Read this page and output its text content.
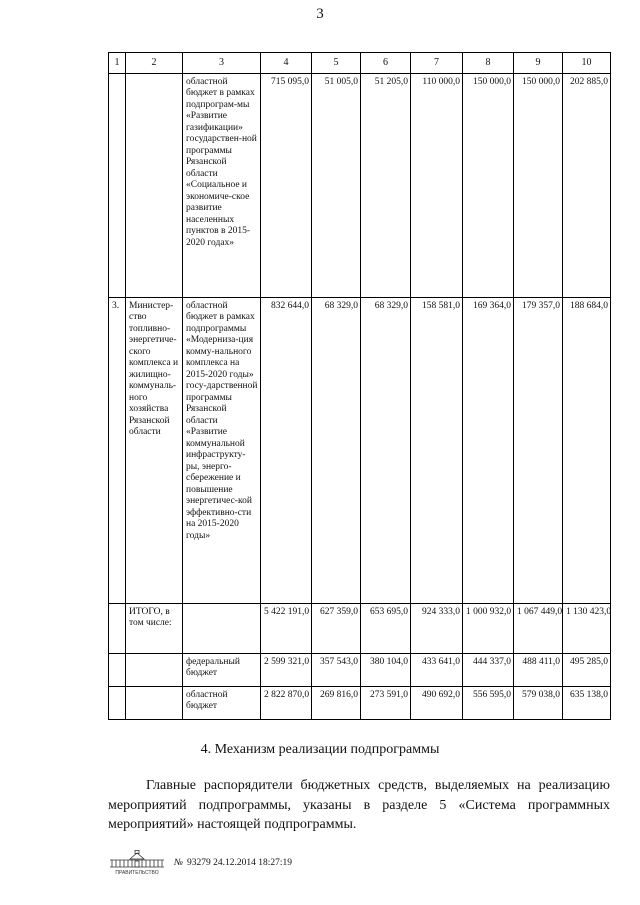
3
1	2	3	4	5	6	7	8	9	10
		областной бюджет в рамках подпрограм-мы «Развитие газификации» государствен-ной программы Рязанской области «Социальное и экономиче-ское развитие населенных пунктов в 2015-2020 годах»	715 095,0	51 005,0	51 205,0	110 000,0	150 000,0	150 000,0	202 885,0
3.	Министер-ство топливно-энергетиче-ского комплекса и жилищно-коммуналь-ного хозяйства Рязанской области	областной бюджет в рамках подпрограммы «Модерниза-ция комму-нального комплекса на 2015-2020 годы» госу-дарственной программы Рязанской области «Развитие коммунальной инфраструкту-ры, энерго-сбережение и повышение энергетичес-кой эффективно-сти на 2015-2020 годы»	832 644,0	68 329,0	68 329,0	158 581,0	169 364,0	179 357,0	188 684,0
	ИТОГО, в том числе:		5 422 191,0	627 359,0	653 695,0	924 333,0	1 000 932,0	1 067 449,0	1 130 423,0
		федеральный бюджет	2 599 321,0	357 543,0	380 104,0	433 641,0	444 337,0	488 411,0	495 285,0
		областной бюджет	2 822 870,0	269 816,0	273 591,0	490 692,0	556 595,0	579 038,0	635 138,0
4. Механизм реализации подпрограммы

Главные распорядители бюджетных средств, выделяемых на реализацию мероприятий подпрограммы, указаны в разделе 5 «Система программных мероприятий» настоящей подпрограммы.

ПРАВИТЕЛЬСТВО
№ 93279 24.12.2014 18:27:19
